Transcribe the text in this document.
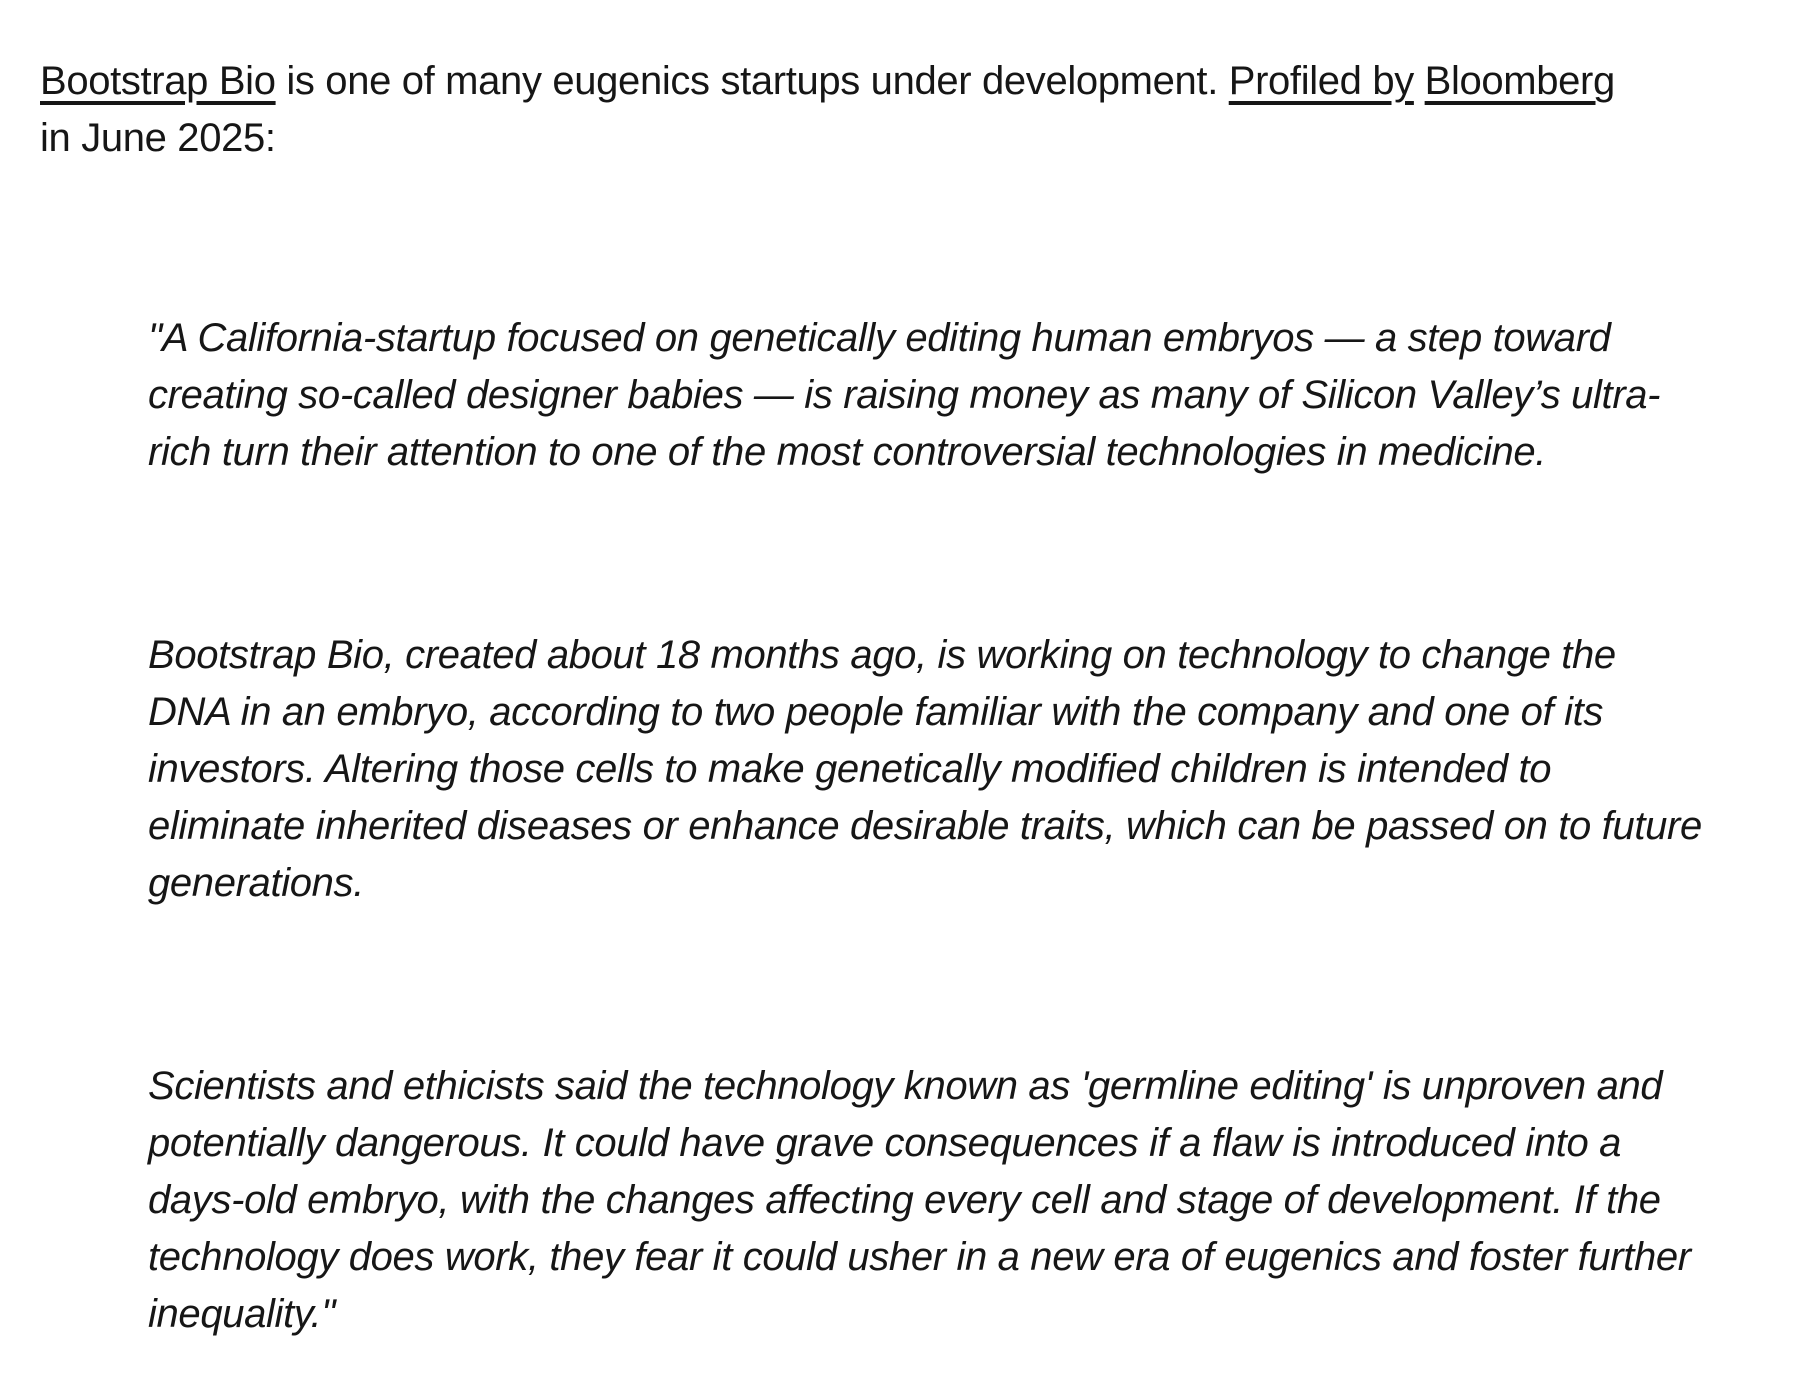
Bootstrap Bio is one of many eugenics startups under development. Profiled by Bloomberg
in June 2025:

"A California-startup focused on genetically editing human embryos — a step toward
creating so-called designer babies — is raising money as many of Silicon Valley’s ultra-
rich turn their attention to one of the most controversial technologies in medicine.

Bootstrap Bio, created about 18 months ago, is working on technology to change the
DNA in an embryo, according to two people familiar with the company and one of its
investors. Altering those cells to make genetically modified children is intended to
eliminate inherited diseases or enhance desirable traits, which can be passed on to future
generations.

Scientists and ethicists said the technology known as 'germline editing' is unproven and
potentially dangerous. It could have grave consequences if a flaw is introduced into a
days-old embryo, with the changes affecting every cell and stage of development. If the
technology does work, they fear it could usher in a new era of eugenics and foster further
inequality."
